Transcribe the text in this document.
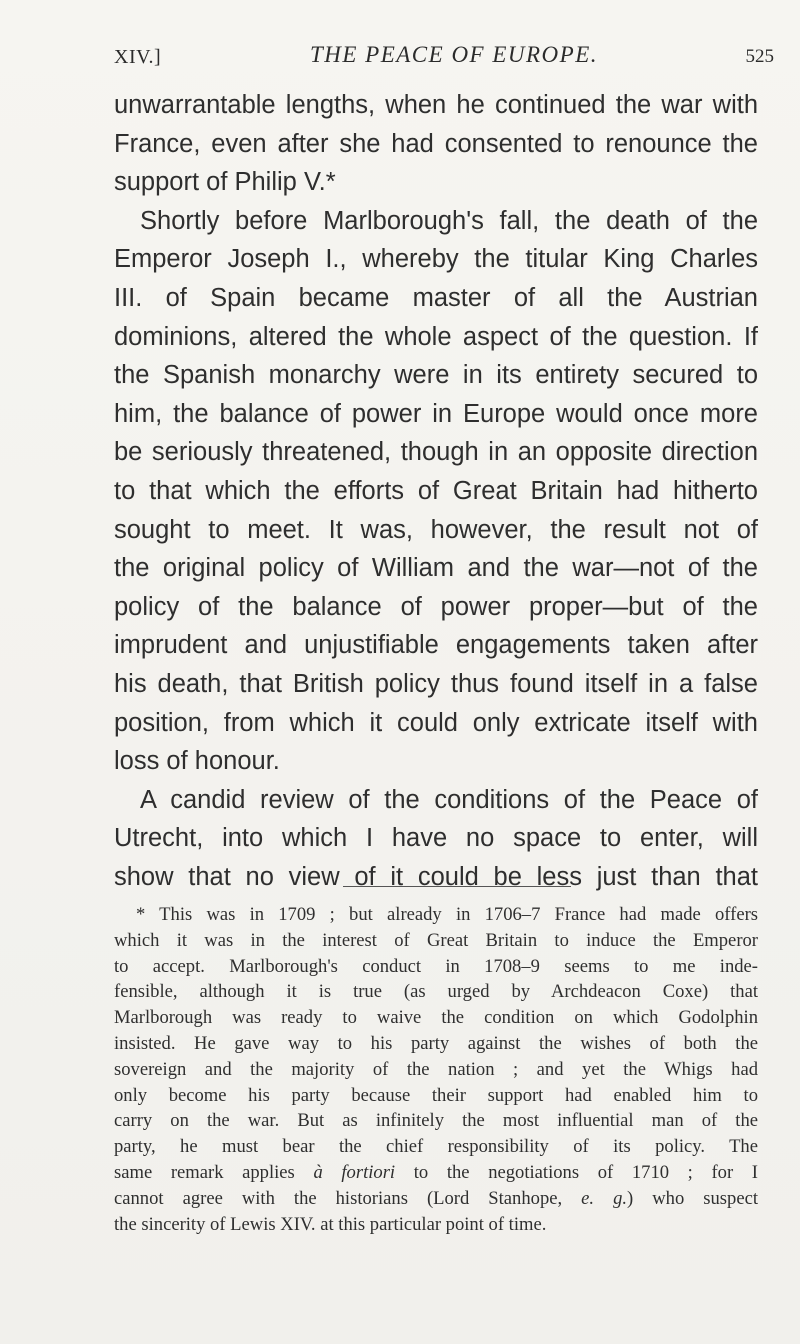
XIV.]	THE PEACE OF EUROPE.	525
unwarrantable lengths, when he continued the war with
France, even after she had consented to renounce the
support of Philip V.*
Shortly before Marlborough's fall, the death of the
Emperor Joseph I., whereby the titular King Charles
III. of Spain became master of all the Austrian
dominions, altered the whole aspect of the question. If
the Spanish monarchy were in its entirety secured to
him, the balance of power in Europe would once more
be seriously threatened, though in an opposite direction
to that which the efforts of Great Britain had hitherto
sought to meet. It was, however, the result not of
the original policy of William and the war—not of the
policy of the balance of power proper—but of the
imprudent and unjustifiable engagements taken after
his death, that British policy thus found itself in a false
position, from which it could only extricate itself with
loss of honour.
A candid review of the conditions of the Peace of
Utrecht, into which I have no space to enter, will
show that no view of it could be less just than that
* This was in 1709 ; but already in 1706–7 France had made offers
which it was in the interest of Great Britain to induce the Emperor
to accept. Marlborough's conduct in 1708–9 seems to me inde-
fensible, although it is true (as urged by Archdeacon Coxe) that
Marlborough was ready to waive the condition on which Godolphin
insisted. He gave way to his party against the wishes of both the
sovereign and the majority of the nation ; and yet the Whigs had
only become his party because their support had enabled him to
carry on the war. But as infinitely the most influential man of the
party, he must bear the chief responsibility of its policy. The
same remark applies à fortiori to the negotiations of 1710 ; for I
cannot agree with the historians (Lord Stanhope, e. g.) who suspect
the sincerity of Lewis XIV. at this particular point of time.
